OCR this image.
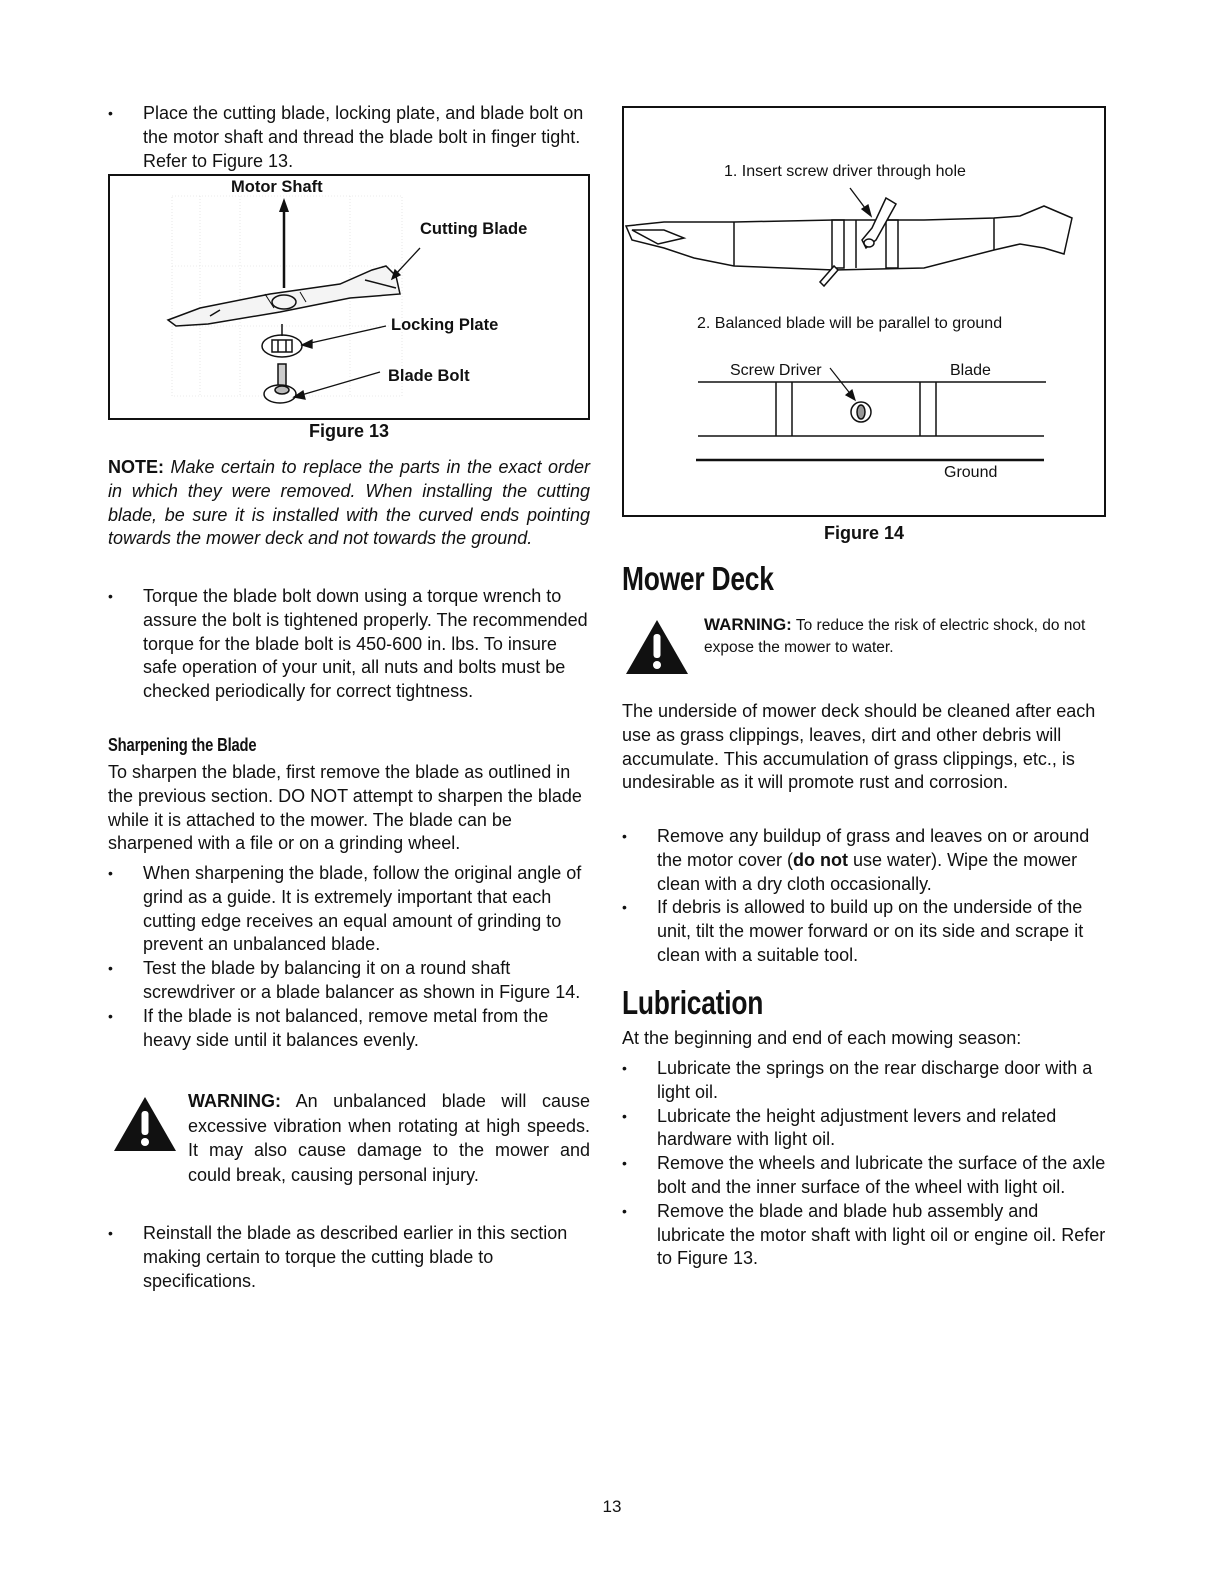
• Place the cutting blade, locking plate, and blade bolt on the motor shaft and thread the blade bolt in finger tight. Refer to Figure 13.
Motor Shaft
Cutting Blade
Locking Plate
Blade Bolt
Figure 13

NOTE: Make certain to replace the parts in the exact order in which they were removed. When installing the cutting blade, be sure it is installed with the curved ends pointing towards the mower deck and not towards the ground.

• Torque the blade bolt down using a torque wrench to assure the bolt is tightened properly. The recommended torque for the blade bolt is 450-600 in. lbs. To insure safe operation of your unit, all nuts and bolts must be checked periodically for correct tightness.
Sharpening the Blade

To sharpen the blade, first remove the blade as outlined in the previous section. DO NOT attempt to sharpen the blade while it is attached to the mower. The blade can be sharpened with a file or on a grinding wheel.

• When sharpening the blade, follow the original angle of grind as a guide. It is extremely important that each cutting edge receives an equal amount of grinding to prevent an unbalanced blade.
• Test the blade by balancing it on a round shaft screwdriver or a blade balancer as shown in Figure 14.
• If the blade is not balanced, remove metal from the heavy side until it balances evenly.

WARNING: An unbalanced blade will cause excessive vibration when rotating at high speeds. It may also cause damage to the mower and could break, causing personal injury.

• Reinstall the blade as described earlier in this section making certain to torque the cutting blade to specifications.
1. Insert screw driver through hole
2. Balanced blade will be parallel to ground
Screw Driver	Blade
Ground
Figure 14
Mower Deck

WARNING: To reduce the risk of electric shock, do not expose the mower to water.

The underside of mower deck should be cleaned after each use as grass clippings, leaves, dirt and other debris will accumulate. This accumulation of grass clippings, etc., is undesirable as it will promote rust and corrosion.

• Remove any buildup of grass and leaves on or around the motor cover (do not use water). Wipe the mower clean with a dry cloth occasionally.
• If debris is allowed to build up on the underside of the unit, tilt the mower forward or on its side and scrape it clean with a suitable tool.
Lubrication

At the beginning and end of each mowing season:

• Lubricate the springs on the rear discharge door with a light oil.
• Lubricate the height adjustment levers and related hardware with light oil.
• Remove the wheels and lubricate the surface of the axle bolt and the inner surface of the wheel with light oil.
• Remove the blade and blade hub assembly and lubricate the motor shaft with light oil or engine oil. Refer to Figure 13.
13
